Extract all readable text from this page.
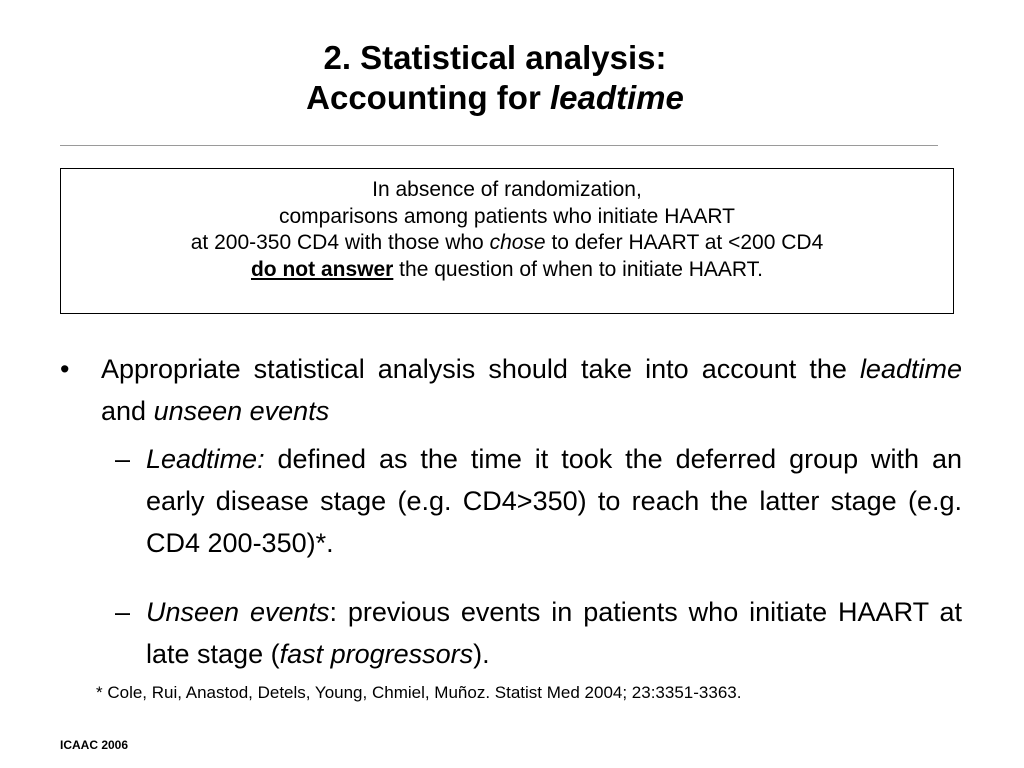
2. Statistical analysis:
Accounting for leadtime
In absence of randomization,
comparisons among patients who initiate HAART
at 200-350 CD4 with those who chose to defer HAART at <200 CD4
do not answer the question of when to initiate HAART.

•	Appropriate statistical analysis should take into account the leadtime and unseen events

– Leadtime: defined as the time it took the deferred group with an early disease stage (e.g. CD4>350) to reach the latter stage (e.g. CD4 200-350)*.

– Unseen events: previous events in patients who initiate HAART at late stage (fast progressors).

* Cole, Rui, Anastod, Detels, Young, Chmiel, Muñoz. Statist Med 2004; 23:3351-3363.
ICAAC 2006
